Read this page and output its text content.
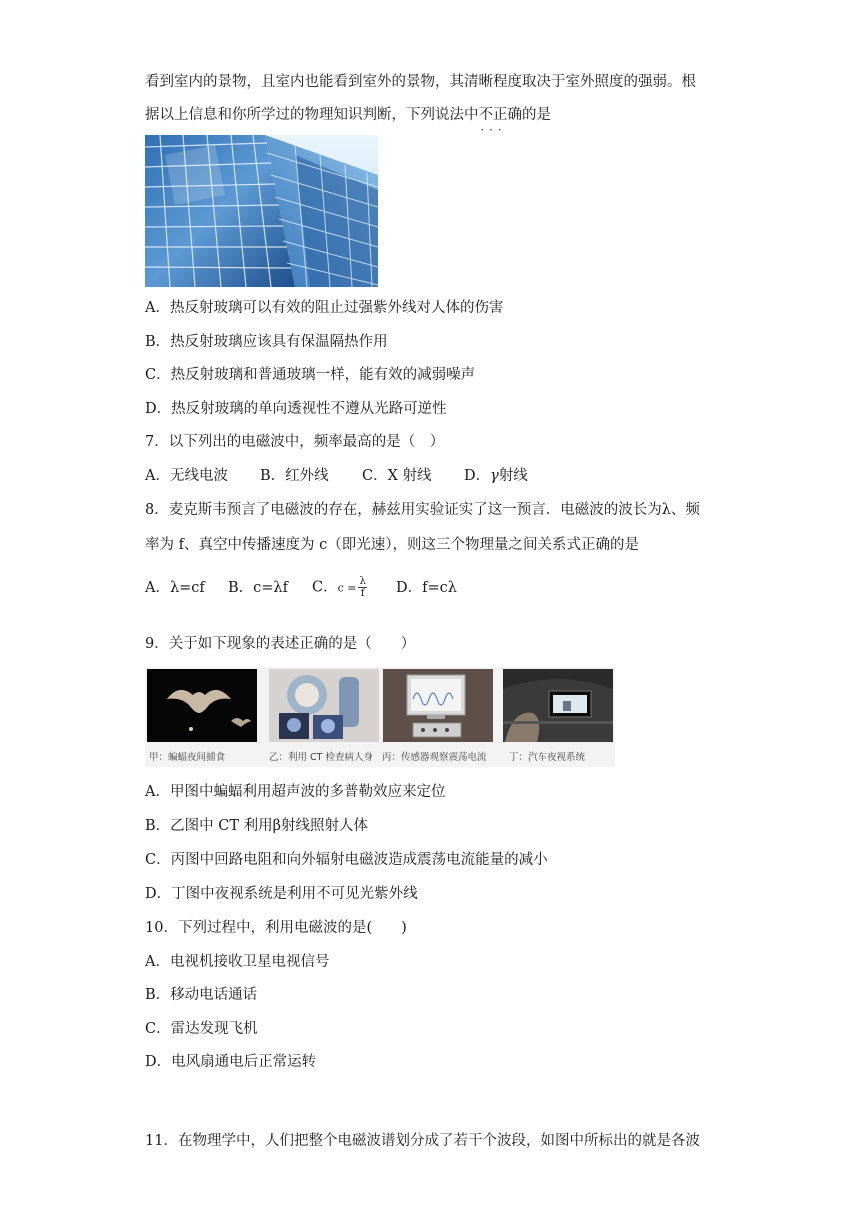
看到室内的景物，且室内也能看到室外的景物，其清晰程度取决于室外照度的强弱。根
据以上信息和你所学过的物理知识判断，下列说法中不正确 · · ·的是
A．热反射玻璃可以有效的阻止过强紫外线对人体的伤害
B．热反射玻璃应该具有保温隔热作用
C．热反射玻璃和普通玻璃一样，能有效的减弱噪声
D．热反射玻璃的单向透视性不遵从光路可逆性
7．以下列出的电磁波中，频率最高的是（　）
A．无线电波 B．红外线 C．X 射线 D．γ射线
8．麦克斯韦预言了电磁波的存在，赫兹用实验证实了这一预言．电磁波的波长为λ、频
率为 f、真空中传播速度为 c（即光速），则这三个物理量之间关系式正确的是
A．λ=cf B．c=λf C．$c = \frac{\lambda}{f}$ D．f=cλ
9．关于如下现象的表述正确的是（　　）
甲：蝙蝠夜间捕食	乙：利用 CT 检查病人身 丙：传感器观察震荡电流 丁：汽车夜视系统
A．甲图中蝙蝠利用超声波的多普勒效应来定位
B．乙图中 CT 利用β射线照射人体
C．丙图中回路电阻和向外辐射电磁波造成震荡电流能量的减小
D．丁图中夜视系统是利用不可见光紫外线
10．下列过程中，利用电磁波的是(　　)
A．电视机接收卫星电视信号
B．移动电话通话
C．雷达发现飞机
D．电风扇通电后正常运转
11．在物理学中，人们把整个电磁波谱划分成了若干个波段，如图中所标出的就是各波
